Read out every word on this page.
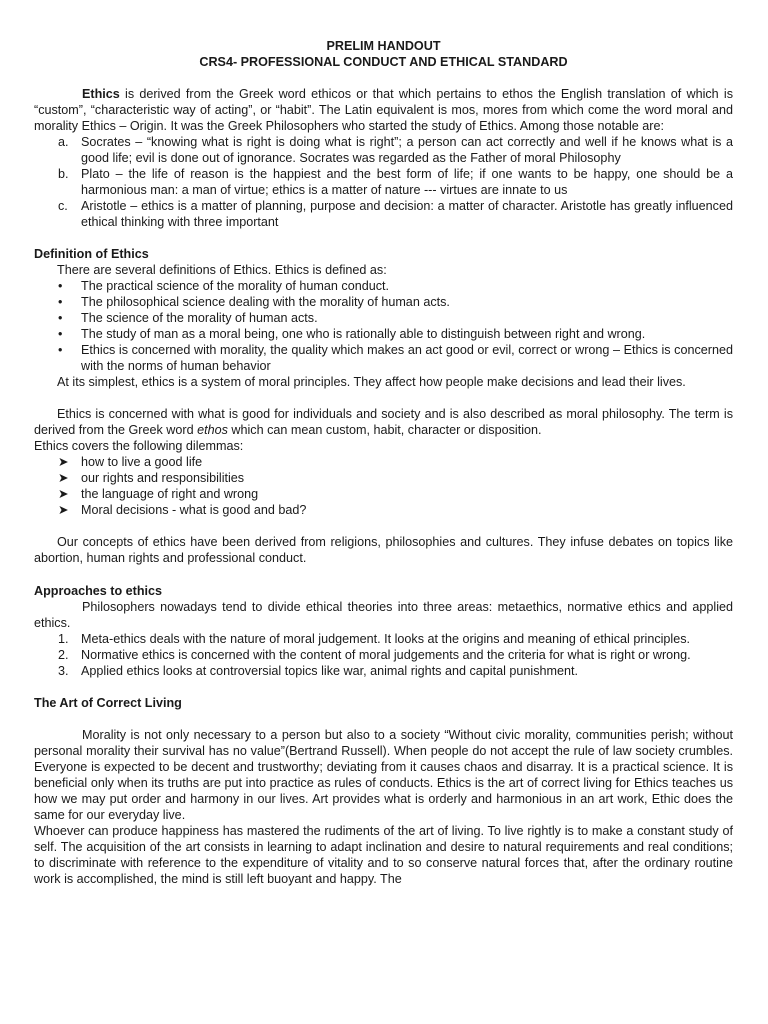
PRELIM HANDOUT

CRS4- PROFESSIONAL CONDUCT AND ETHICAL STANDARD

Ethics is derived from the Greek word ethicos or that which pertains to ethos the English translation of which is “custom”, “characteristic way of acting”, or “habit”. The Latin equivalent is mos, mores from which come the word moral and morality Ethics – Origin. It was the Greek Philosophers who started the study of Ethics. Among those notable are:

a. Socrates – “knowing what is right is doing what is right”; a person can act correctly and well if he knows what is a good life; evil is done out of ignorance. Socrates was regarded as the Father of moral Philosophy
b. Plato – the life of reason is the happiest and the best form of life; if one wants to be happy, one should be a harmonious man: a man of virtue; ethics is a matter of nature --- virtues are innate to us
c.	Aristotle – ethics is a matter of planning, purpose and decision: a matter of character. Aristotle has greatly influenced ethical thinking with three important

Definition of Ethics

There are several definitions of Ethics. Ethics is defined as:

•	The practical science of the morality of human conduct.
•	The philosophical science dealing with the morality of human acts.
•	The science of the morality of human acts.
•	The study of man as a moral being, one who is rationally able to distinguish between right and wrong.
•	Ethics is concerned with morality, the quality which makes an act good or evil, correct or wrong – Ethics is concerned with the norms of human behavior

At its simplest, ethics is a system of moral principles. They affect how people make decisions and lead their lives.

Ethics is concerned with what is good for individuals and society and is also described as moral philosophy. The term is derived from the Greek word ethos which can mean custom, habit, character or disposition.

Ethics covers the following dilemmas:

➤ how to live a good life
➤ our rights and responsibilities
➤ the language of right and wrong
➤ Moral decisions - what is good and bad?

Our concepts of ethics have been derived from religions, philosophies and cultures. They infuse debates on topics like abortion, human rights and professional conduct.

Approaches to ethics

Philosophers nowadays tend to divide ethical theories into three areas: metaethics, normative ethics and applied ethics.

1. Meta-ethics deals with the nature of moral judgement. It looks at the origins and meaning of ethical principles.
2. Normative ethics is concerned with the content of moral judgements and the criteria for what is right or wrong.
3. Applied ethics looks at controversial topics like war, animal rights and capital punishment.

The Art of Correct Living

Morality is not only necessary to a person but also to a society “Without civic morality, communities perish; without personal morality their survival has no value”(Bertrand Russell). When people do not accept the rule of law society crumbles. Everyone is expected to be decent and trustworthy; deviating from it causes chaos and disarray. It is a practical science. It is beneficial only when its truths are put into practice as rules of conducts. Ethics is the art of correct living for Ethics teaches us how we may put order and harmony in our lives. Art provides what is orderly and harmonious in an art work, Ethic does the same for our everyday live.

Whoever can produce happiness has mastered the rudiments of the art of living. To live rightly is to make a constant study of self. The acquisition of the art consists in learning to adapt inclination and desire to natural requirements and real conditions; to discriminate with reference to the expenditure of vitality and to so conserve natural forces that, after the ordinary routine work is accomplished, the mind is still left buoyant and happy. The
